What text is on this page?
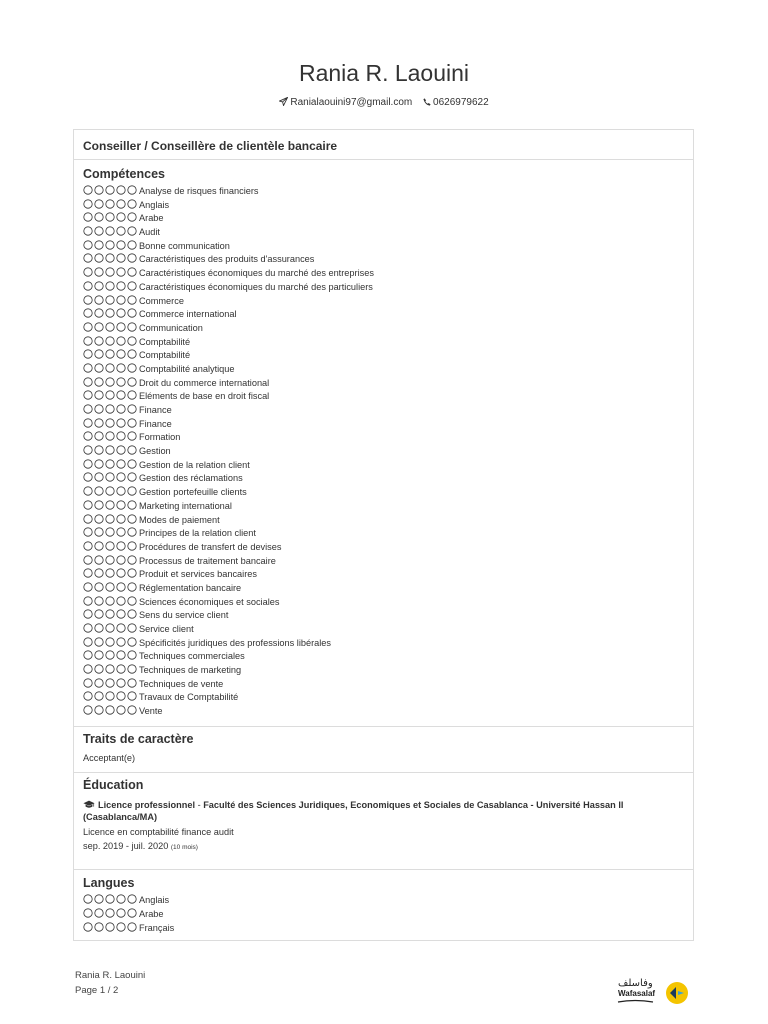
Rania R. Laouini
Ranialaouini97@gmail.com 0626979622
Conseiller / Conseillère de clientèle bancaire
Compétences
Analyse de risques financiers
Anglais
Arabe
Audit
Bonne communication
Caractéristiques des produits d'assurances
Caractéristiques économiques du marché des entreprises
Caractéristiques économiques du marché des particuliers
Commerce
Commerce international
Communication
Comptabilité
Comptabilité
Comptabilité analytique
Droit du commerce international
Eléments de base en droit fiscal
Finance
Finance
Formation
Gestion
Gestion de la relation client
Gestion des réclamations
Gestion portefeuille clients
Marketing international
Modes de paiement
Principes de la relation client
Procédures de transfert de devises
Processus de traitement bancaire
Produit et services bancaires
Réglementation bancaire
Sciences économiques et sociales
Sens du service client
Service client
Spécificités juridiques des professions libérales
Techniques commerciales
Techniques de marketing
Techniques de vente
Travaux de Comptabilité
Vente
Traits de caractère
Acceptant(e)
Éducation
Licence professionnel - Faculté des Sciences Juridiques, Economiques et Sociales de Casablanca - Université Hassan II (Casablanca/MA)
Licence en comptabilité finance audit
sep. 2019 - juil. 2020 (10 mois)
Langues
Anglais
Arabe
Français
Rania R. Laouini
Page 1 / 2
وفاسلف
Wafasalaf
